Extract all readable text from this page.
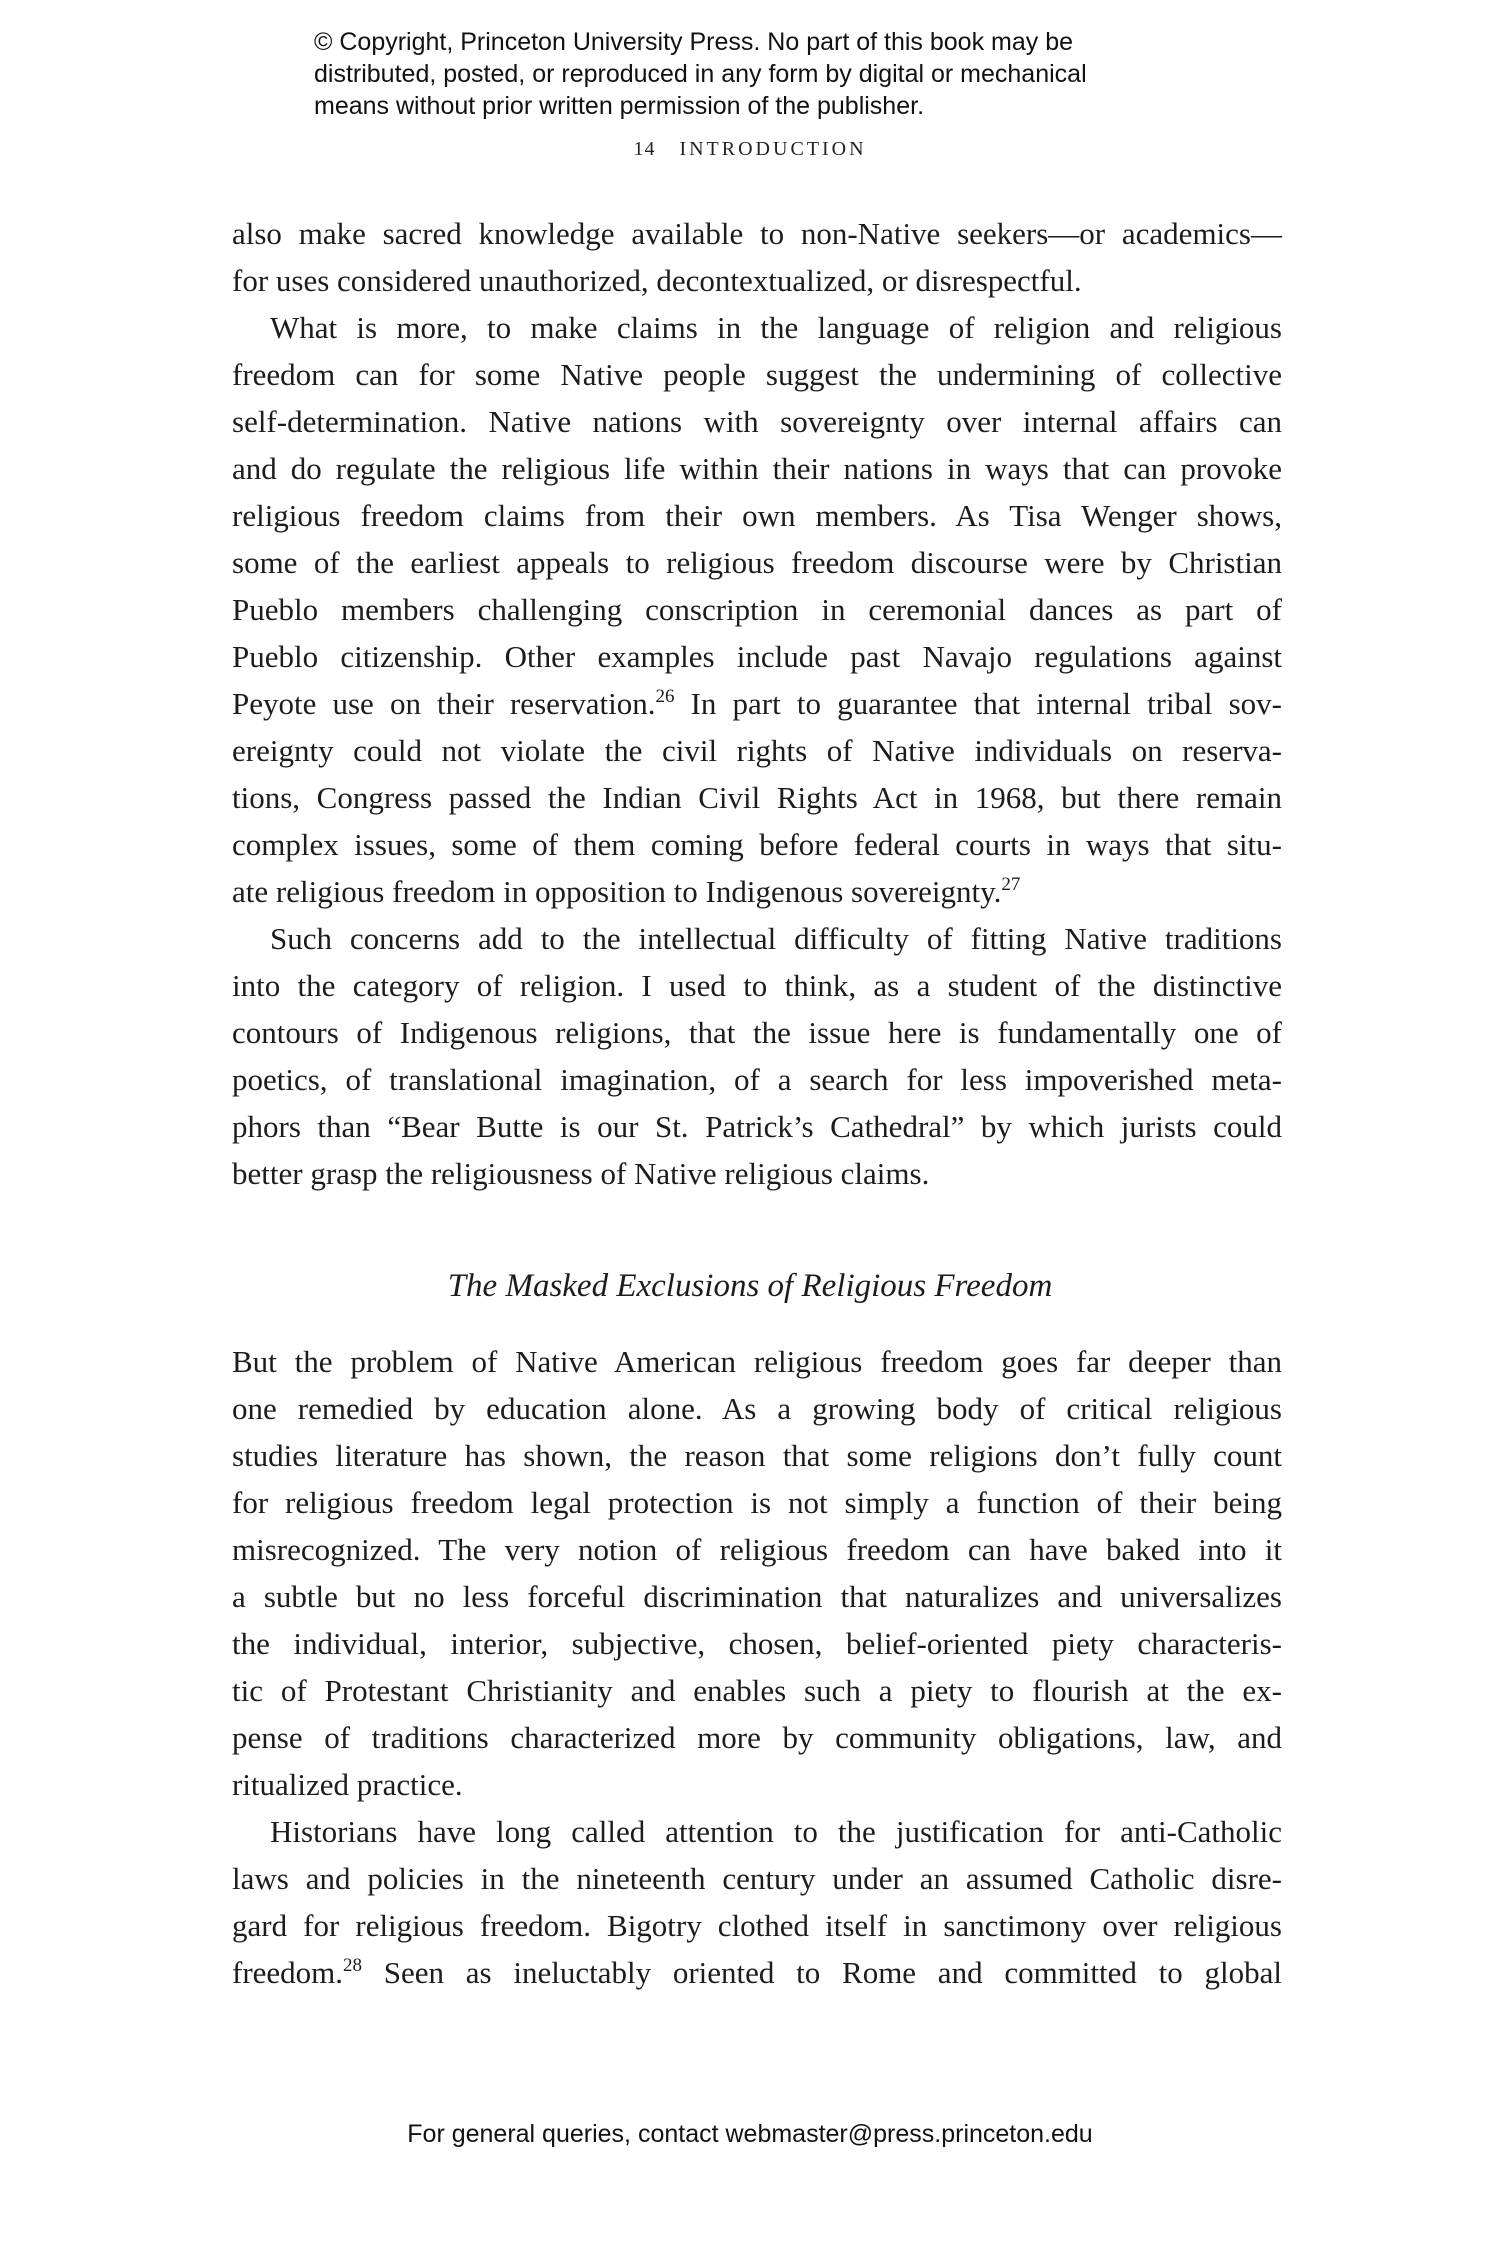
© Copyright, Princeton University Press. No part of this book may be
distributed, posted, or reproduced in any form by digital or mechanical
means without prior written permission of the publisher.
14 INTRODUCTION
also make sacred knowledge available to non-Native seekers—or academics—
for uses considered unauthorized, decontextualized, or disrespectful.
What is more, to make claims in the language of religion and religious
freedom can for some Native people suggest the undermining of collective
self-determination. Native nations with sovereignty over internal affairs can
and do regulate the religious life within their nations in ways that can provoke
religious freedom claims from their own members. As Tisa Wenger shows,
some of the earliest appeals to religious freedom discourse were by Christian
Pueblo members challenging conscription in ceremonial dances as part of
Pueblo citizenship. Other examples include past Navajo regulations against
Peyote use on their reservation.$^{26}$ In part to guarantee that internal tribal sov-
ereignty could not violate the civil rights of Native individuals on reserva-
tions, Congress passed the Indian Civil Rights Act in 1968, but there remain
complex issues, some of them coming before federal courts in ways that situ-
ate religious freedom in opposition to Indigenous sovereignty.$^{27}$
Such concerns add to the intellectual difficulty of fitting Native traditions
into the category of religion. I used to think, as a student of the distinctive
contours of Indigenous religions, that the issue here is fundamentally one of
poetics, of translational imagination, of a search for less impoverished meta-
phors than “Bear Butte is our St. Patrick’s Cathedral” by which jurists could
better grasp the religiousness of Native religious claims.
The Masked Exclusions of Religious Freedom
But the problem of Native American religious freedom goes far deeper than
one remedied by education alone. As a growing body of critical religious
studies literature has shown, the reason that some religions don’t fully count
for religious freedom legal protection is not simply a function of their being
misrecognized. The very notion of religious freedom can have baked into it
a subtle but no less forceful discrimination that naturalizes and universalizes
the individual, interior, subjective, chosen, belief-oriented piety characteris-
tic of Protestant Christianity and enables such a piety to flourish at the ex-
pense of traditions characterized more by community obligations, law, and
ritualized practice.
Historians have long called attention to the justification for anti-Catholic
laws and policies in the nineteenth century under an assumed Catholic disre-
gard for religious freedom. Bigotry clothed itself in sanctimony over religious
freedom.$^{28}$ Seen as ineluctably oriented to Rome and committed to global
For general queries, contact webmaster@press.princeton.edu
